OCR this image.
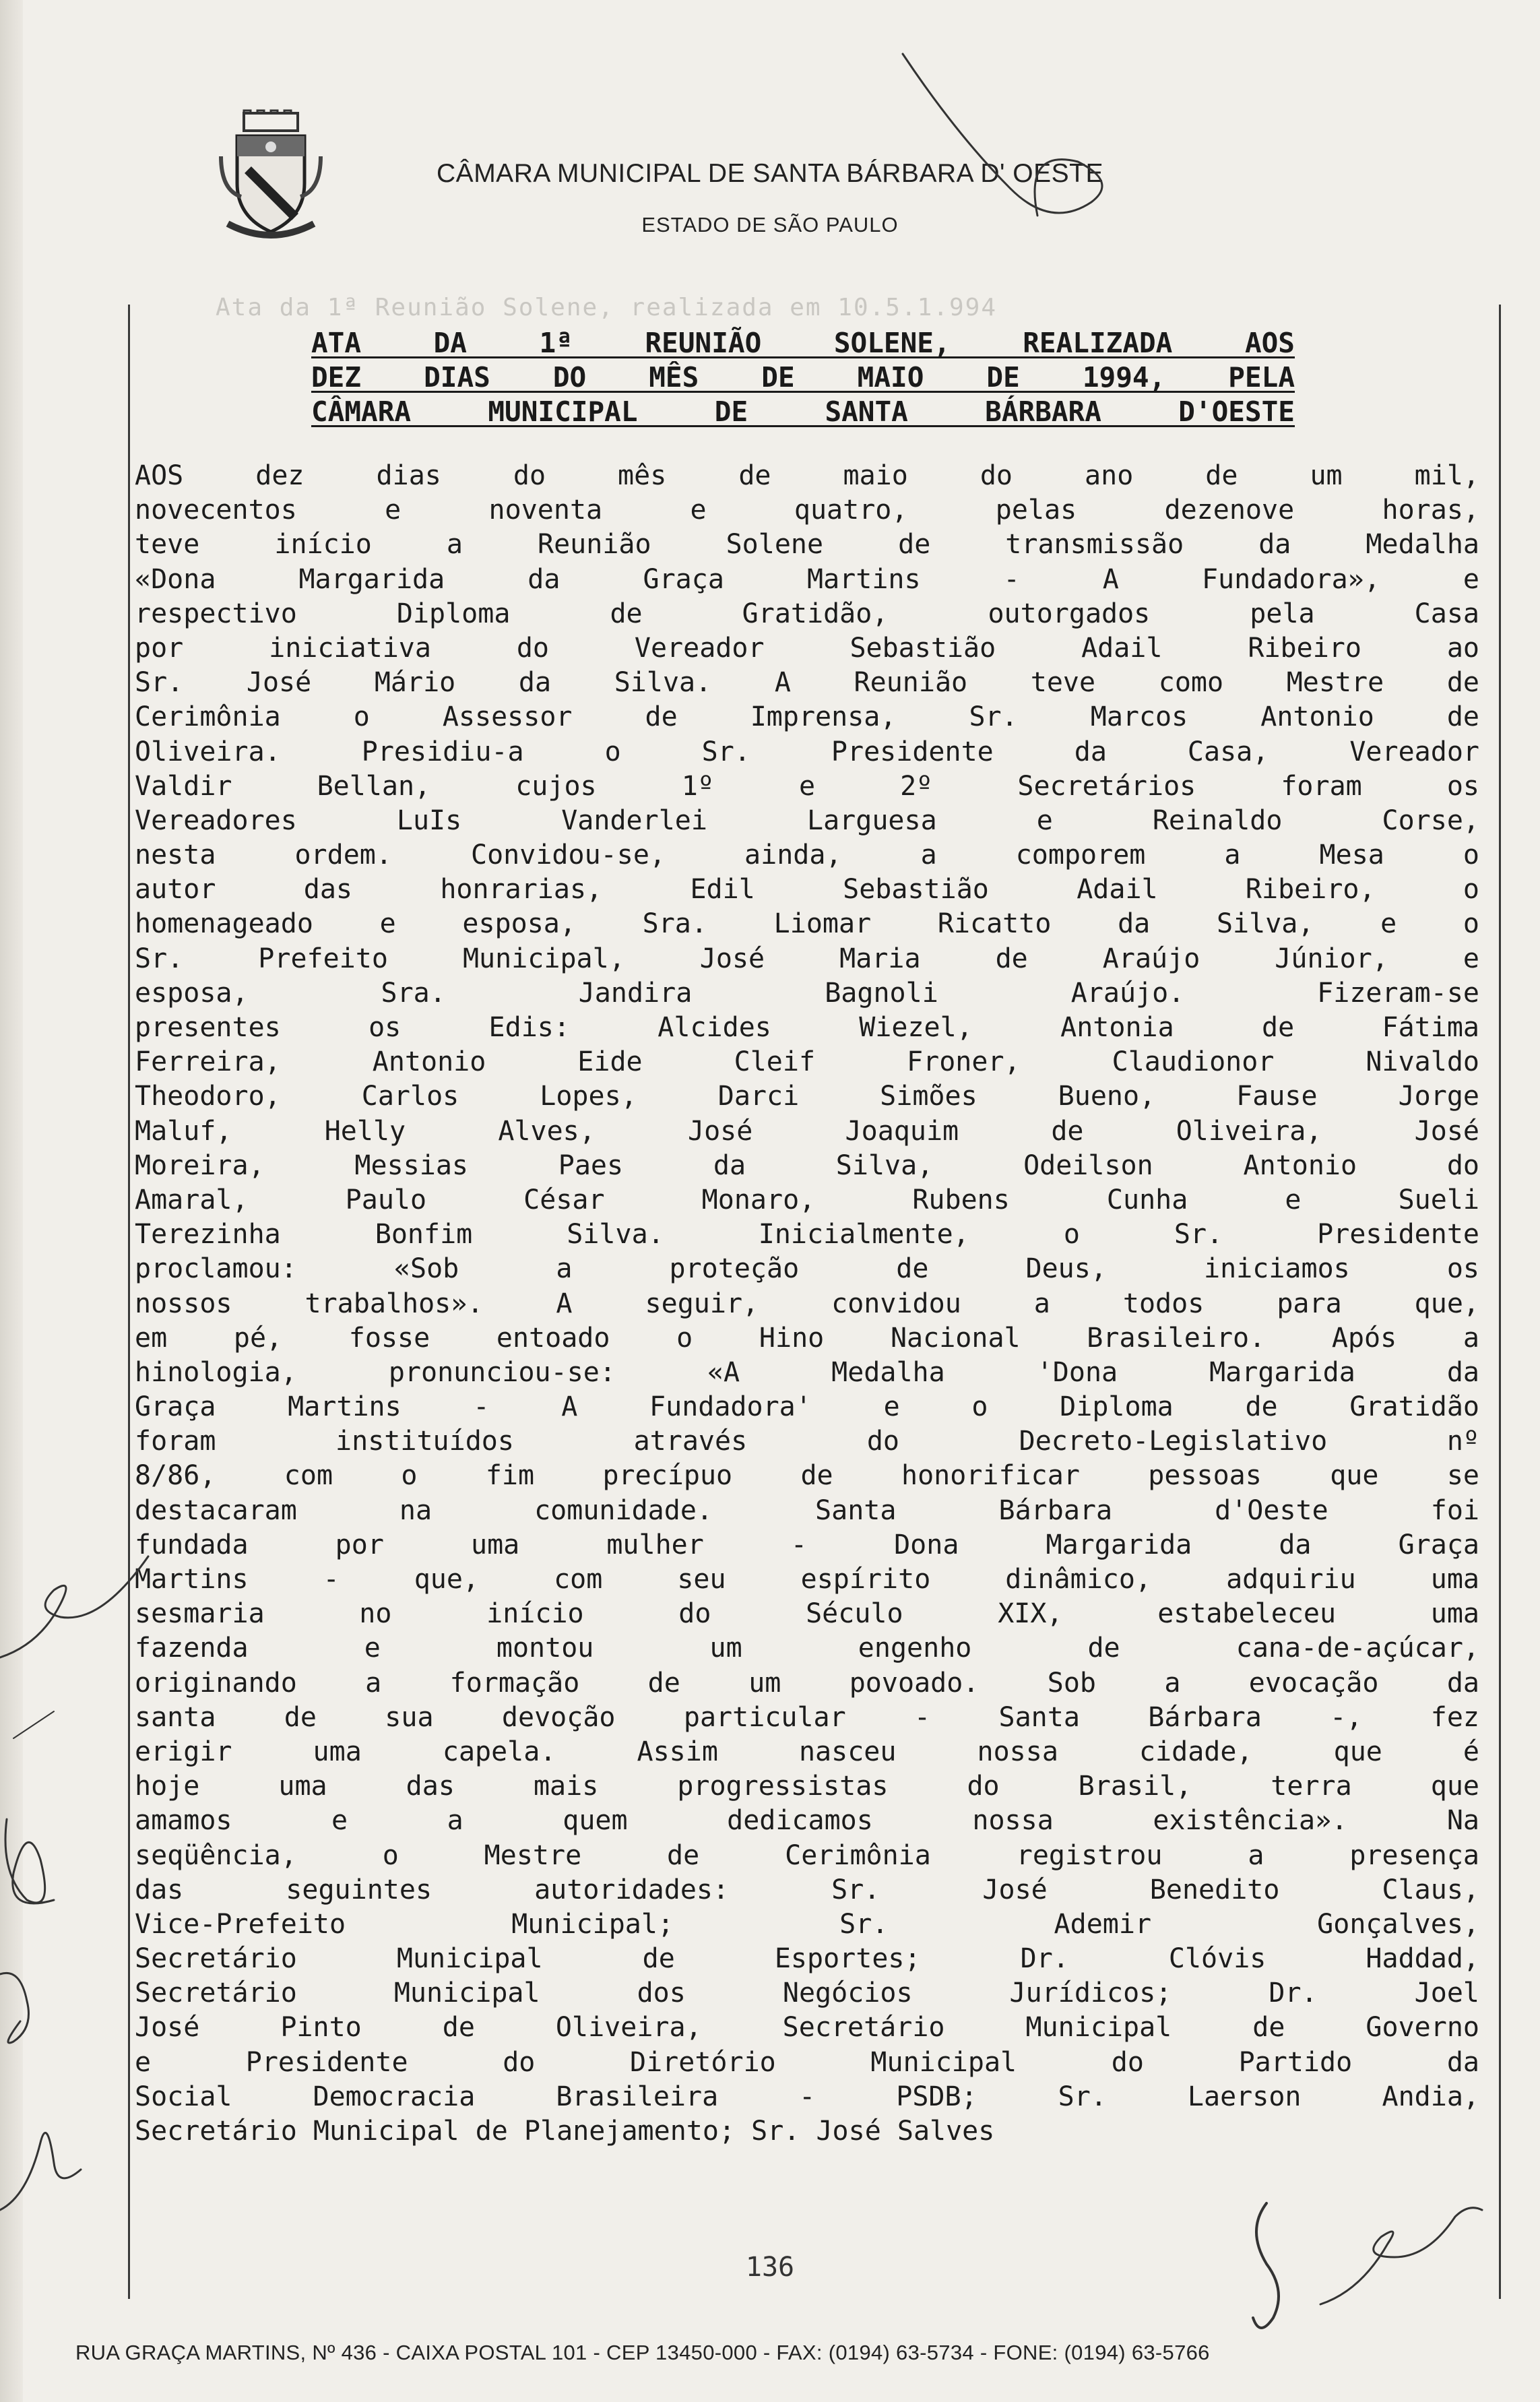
CÂMARA MUNICIPAL DE SANTA BÁRBARA D' OESTE
ESTADO DE SÃO PAULO
Ata da 1ª Reunião Solene, realizada em 10.5.1.994
ATA DA 1ª REUNIÃO SOLENE, REALIZADA AOS
DEZ DIAS DO MÊS DE MAIO DE 1994, PELA
CÂMARA MUNICIPAL DE SANTA BÁRBARA D'OESTE
AOS dez dias do mês de maio do ano de um mil,
novecentos e noventa e quatro, pelas dezenove horas,
teve início a Reunião Solene de transmissão da Medalha
«Dona Margarida da Graça Martins - A Fundadora», e
respectivo Diploma de Gratidão, outorgados pela Casa
por iniciativa do Vereador Sebastião Adail Ribeiro ao
Sr. José Mário da Silva. A Reunião teve como Mestre de
Cerimônia o Assessor de Imprensa, Sr. Marcos Antonio de
Oliveira. Presidiu-a o Sr. Presidente da Casa, Vereador
Valdir Bellan, cujos 1º e 2º Secretários foram os
Vereadores LuIs Vanderlei Larguesa e Reinaldo Corse,
nesta ordem. Convidou-se, ainda, a comporem a Mesa o
autor das honrarias, Edil Sebastião Adail Ribeiro, o
homenageado e esposa, Sra. Liomar Ricatto da Silva, e o
Sr. Prefeito Municipal, José Maria de Araújo Júnior, e
esposa, Sra. Jandira Bagnoli Araújo. Fizeram-se
presentes os Edis: Alcides Wiezel, Antonia de Fátima
Ferreira, Antonio Eide Cleif Froner, Claudionor Nivaldo
Theodoro, Carlos Lopes, Darci Simões Bueno, Fause Jorge
Maluf, Helly Alves, José Joaquim de Oliveira, José
Moreira, Messias Paes da Silva, Odeilson Antonio do
Amaral, Paulo César Monaro, Rubens Cunha e Sueli
Terezinha Bonfim Silva. Inicialmente, o Sr. Presidente
proclamou: «Sob a proteção de Deus, iniciamos os
nossos trabalhos». A seguir, convidou a todos para que,
em pé, fosse entoado o Hino Nacional Brasileiro. Após a
hinologia, pronunciou-se: «A Medalha 'Dona Margarida da
Graça Martins - A Fundadora' e o Diploma de Gratidão
foram instituídos através do Decreto-Legislativo nº
8/86, com o fim precípuo de honorificar pessoas que se
destacaram na comunidade. Santa Bárbara d'Oeste foi
fundada por uma mulher - Dona Margarida da Graça
Martins - que, com seu espírito dinâmico, adquiriu uma
sesmaria no início do Século XIX, estabeleceu uma
fazenda e montou um engenho de cana-de-açúcar,
originando a formação de um povoado. Sob a evocação da
santa de sua devoção particular - Santa Bárbara -, fez
erigir uma capela. Assim nasceu nossa cidade, que é
hoje uma das mais progressistas do Brasil, terra que
amamos e a quem dedicamos nossa existência». Na
seqüência, o Mestre de Cerimônia registrou a presença
das seguintes autoridades: Sr. José Benedito Claus,
Vice-Prefeito Municipal; Sr. Ademir Gonçalves,
Secretário Municipal de Esportes; Dr. Clóvis Haddad,
Secretário Municipal dos Negócios Jurídicos; Dr. Joel
José Pinto de Oliveira, Secretário Municipal de Governo
e Presidente do Diretório Municipal do Partido da
Social Democracia Brasileira - PSDB; Sr. Laerson Andia,
Secretário Municipal de Planejamento; Sr. José Salves
136
RUA GRAÇA MARTINS, Nº 436 - CAIXA POSTAL 101 - CEP 13450-000 - FAX: (0194) 63-5734 - FONE: (0194) 63-5766
